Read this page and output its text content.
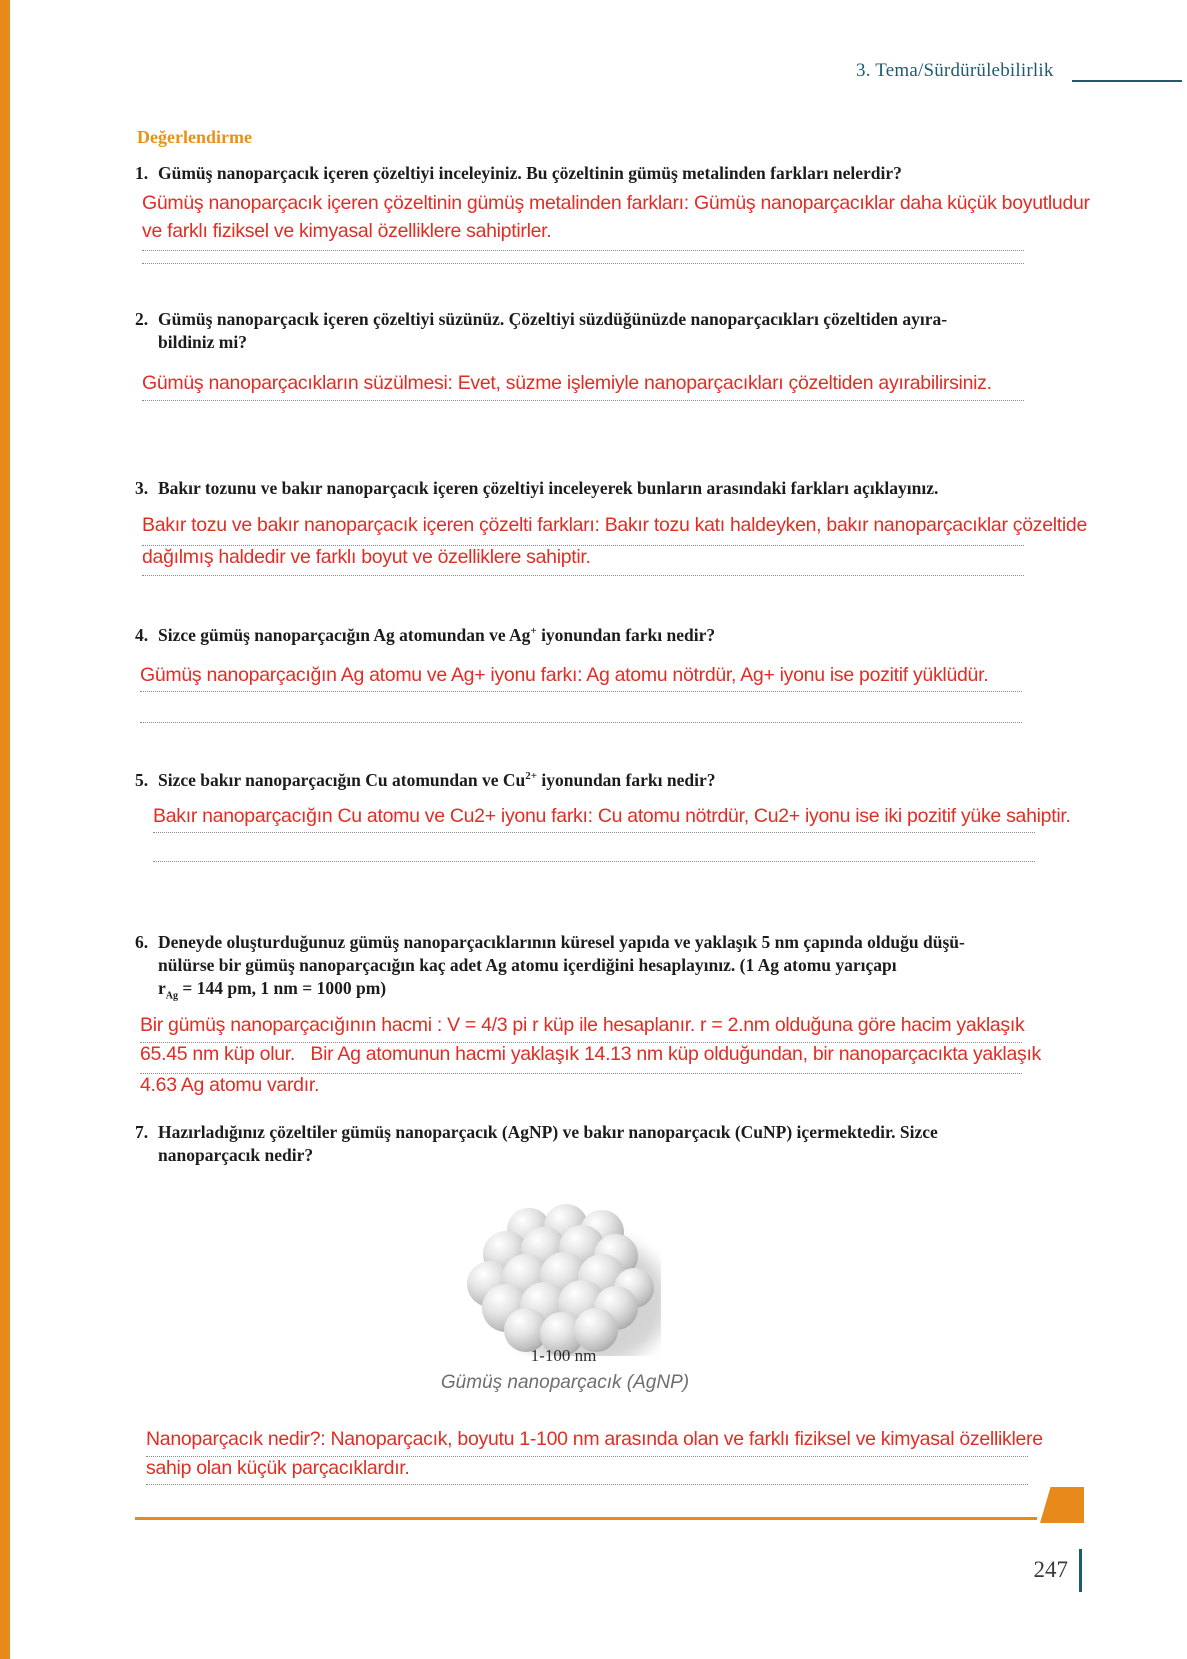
3. Tema/Sürdürülebilirlik
Değerlendirme
1. Gümüş nanoparçacık içeren çözeltiyi inceleyiniz. Bu çözeltinin gümüş metalinden farkları nelerdir?
Gümüş nanoparçacık içeren çözeltinin gümüş metalinden farkları: Gümüş nanoparçacıklar daha küçük boyutludur
ve farklı fiziksel ve kimyasal özelliklere sahiptirler.
2. Gümüş nanoparçacık içeren çözeltiyi süzünüz. Çözeltiyi süzdüğünüzde nanoparçacıkları çözeltiden ayıra-
bildiniz mi?
Gümüş nanoparçacıkların süzülmesi: Evet, süzme işlemiyle nanoparçacıkları çözeltiden ayırabilirsiniz.
3. Bakır tozunu ve bakır nanoparçacık içeren çözeltiyi inceleyerek bunların arasındaki farkları açıklayınız.
Bakır tozu ve bakır nanoparçacık içeren çözelti farkları: Bakır tozu katı haldeyken, bakır nanoparçacıklar çözeltide
dağılmış haldedir ve farklı boyut ve özelliklere sahiptir.
4. Sizce gümüş nanoparçacığın Ag atomundan ve Ag+ iyonundan farkı nedir?
Gümüş nanoparçacığın Ag atomu ve Ag+ iyonu farkı: Ag atomu nötrdür, Ag+ iyonu ise pozitif yüklüdür.
5. Sizce bakır nanoparçacığın Cu atomundan ve $Cu^{2+}$ iyonundan farkı nedir?
Bakır nanoparçacığın Cu atomu ve Cu2+ iyonu farkı: Cu atomu nötrdür, Cu2+ iyonu ise iki pozitif yüke sahiptir.
6. Deneyde oluşturduğunuz gümüş nanoparçacıklarının küresel yapıda ve yaklaşık 5 nm çapında olduğu düşü-
nülürse bir gümüş nanoparçacığın kaç adet Ag atomu içerdiğini hesaplayınız. (1 Ag atomu yarıçapı
$r_{Ag} = 144$ pm, 1 nm = 1000 pm)
Bir gümüş nanoparçacığının hacmi : V = 4/3 pi r küp ile hesaplanır. r = 2.nm olduğuna göre hacim yaklaşık
65.45 nm küp olur.   Bir Ag atomunun hacmi yaklaşık 14.13 nm küp olduğundan, bir nanoparçacıkta yaklaşık
4.63 Ag atomu vardır.
7. Hazırladığınız çözeltiler gümüş nanoparçacık (AgNP) ve bakır nanoparçacık (CuNP) içermektedir. Sizce
nanoparçacık nedir?
1-100 nm
Gümüş nanoparçacık (AgNP)
Nanoparçacık nedir?: Nanoparçacık, boyutu 1-100 nm arasında olan ve farklı fiziksel ve kimyasal özelliklere
sahip olan küçük parçacıklardır.
247
